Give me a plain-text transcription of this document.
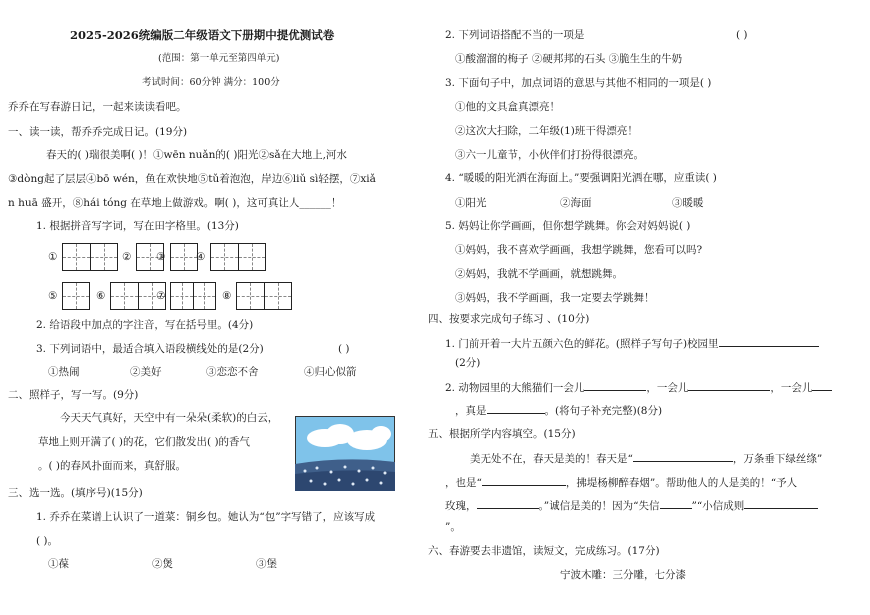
2025-2026统编版二年级语文下册期中提优测试卷
(范围：第一单元至第四单元)
考试时间：60分钟 满分：100分
乔乔在写春游日记，一起来读读看吧。
一、读一读，帮乔乔完成日记。(19分)
春天的( )瑞很美啊( )！①wēn nuǎn的( )阳光②sǎ在大地上,河水
③dòng起了层层④bō wén，鱼在欢快地⑤tǔ着泡泡，岸边⑥liǔ sì轻摆，⑦xiǎ
n huā 盛开，⑧hái tóng 在草地上做游戏。啊( )，这可真让人______！
1. 根据拼音写字词，写在田字格里。(13分)
①	② ③	④
⑤	⑥	⑦	⑧
2. 给语段中加点的字注音，写在括号里。(4分)
3. 下列词语中，最适合填入语段横线处的是(2分)	( )
①热闹	②美好	③恋恋不舍	④归心似箭
二、照样子，写一写。(9分)
今天天气真好，天空中有一朵朵(柔软)的白云，
草地上则开满了( )的花，它们散发出( )的香气
。( )的春风扑面而来，真舒服。
三、选一选。(填序号)(15分)
1. 乔乔在菜谱上认识了一道菜：铜乡包。她认为“包”字写错了，应该写成
( )。
①葆	②煲	③堡
2. 下列词语搭配不当的一项是	( )
①酸溜溜的梅子 ②硬邦邦的石头 ③脆生生的牛奶
3. 下面句子中，加点词语的意思与其他不相同的一项是( )
①他的文具盒真漂亮！
②这次大扫除，二年级(1)班干得漂亮！
③六一儿童节，小伙伴们打扮得很漂亮。
4. “暖暖的阳光洒在海面上。”要强调阳光洒在哪，应重读( )
①阳光	②海面	③暖暖
5. 妈妈让你学画画，但你想学跳舞。你会对妈妈说( )
①妈妈，我不喜欢学画画，我想学跳舞，您看可以吗?
②妈妈，我就不学画画，就想跳舞。
③妈妈，我不学画画，我一定要去学跳舞！
四、按要求完成句子练习 、(10分)
1. 门前开着一大片五颜六色的鲜花。(照样子写句子)校园里
(2分)
2. 动物园里的大熊猫们一会儿	，一会儿	，一会儿
，真是	。(将句子补充完整)(8分)
五、根据所学内容填空。(15分)
美无处不在，春天是美的！春天是“	，万条垂下绿丝绦”
，也是“	，拂堤杨柳醉春烟”。帮助他人的人是美的！“予人
玫瑰，	。”诚信是美的！因为“失信	”“小信成则
”。
六、春游要去非遗馆，读短文，完成练习。(17分)
宁波木雕：三分雕，七分漆
